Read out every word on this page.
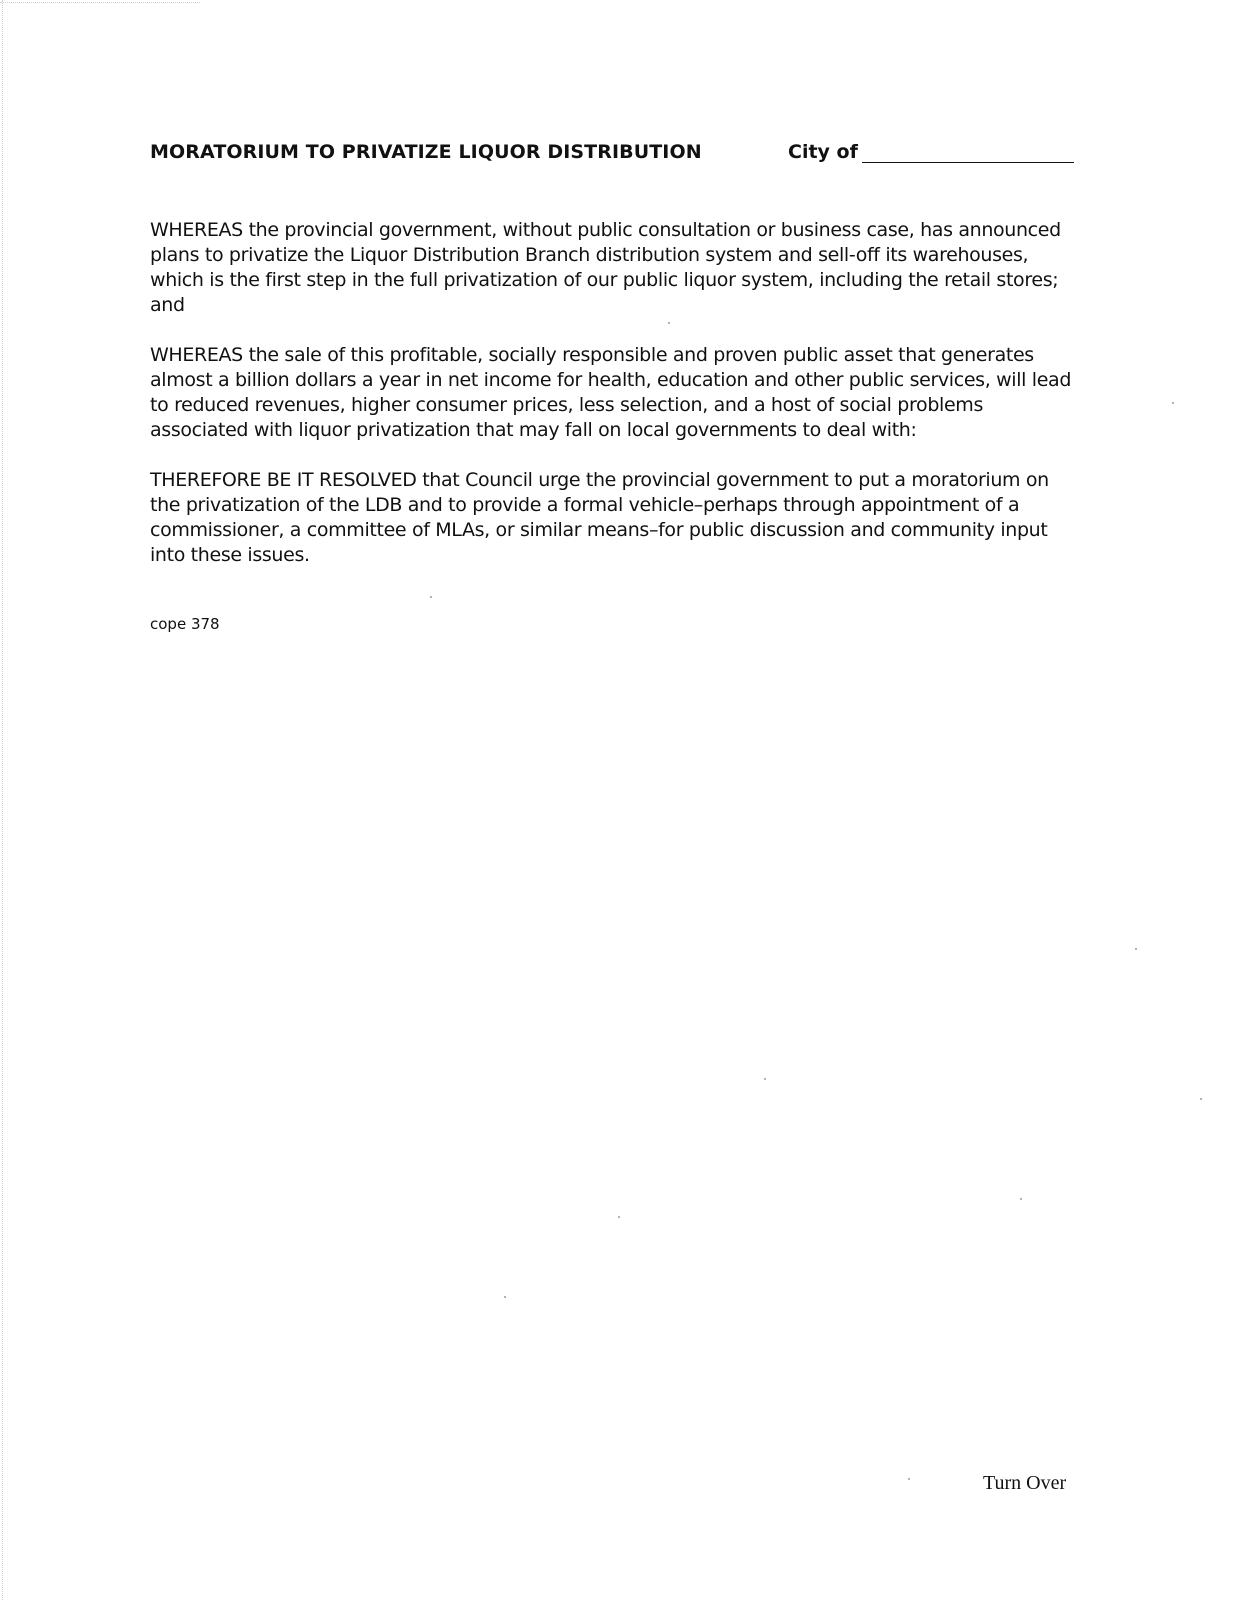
MORATORIUM TO PRIVATIZE LIQUOR DISTRIBUTION	City of

WHEREAS the provincial government, without public consultation or business case, has announced plans to privatize the Liquor Distribution Branch distribution system and sell-off its warehouses, which is the first step in the full privatization of our public liquor system, including the retail stores; and

WHEREAS the sale of this profitable, socially responsible and proven public asset that generates almost a billion dollars a year in net income for health, education and other public services, will lead to reduced revenues, higher consumer prices, less selection, and a host of social problems associated with liquor privatization that may fall on local governments to deal with:

THEREFORE BE IT RESOLVED that Council urge the provincial government to put a moratorium on the privatization of the LDB and to provide a formal vehicle–perhaps through appointment of a commissioner, a committee of MLAs, or similar means–for public discussion and community input into these issues.

cope 378
Turn Over
